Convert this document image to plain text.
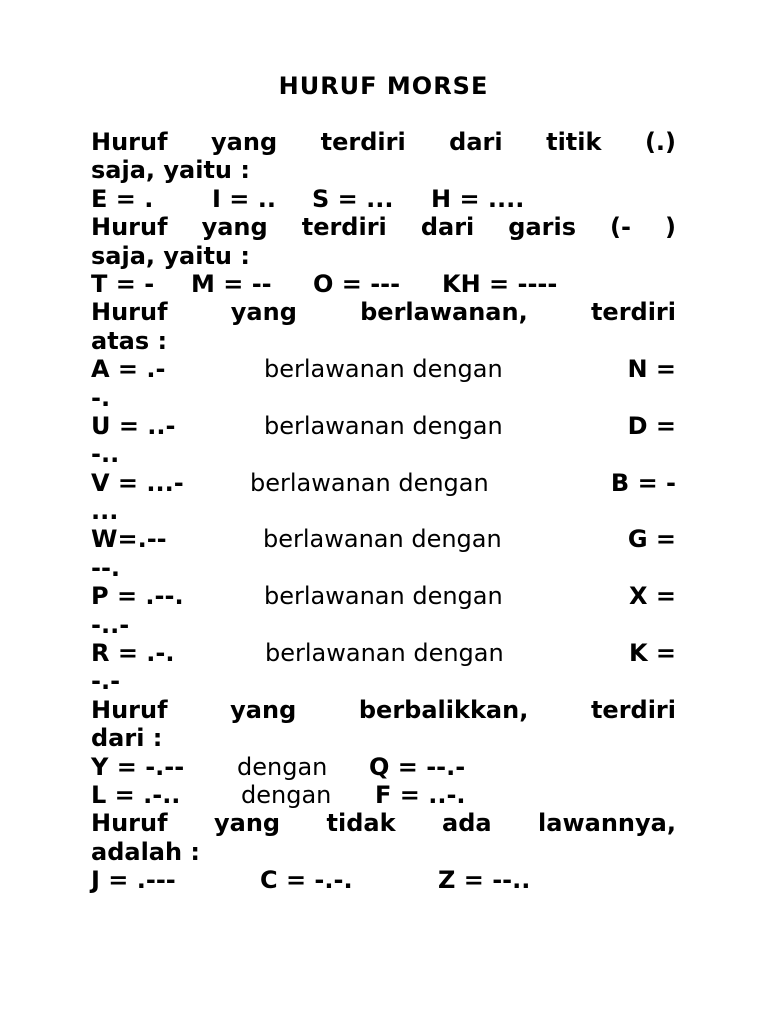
HURUF MORSE
Huruf yang terdiri dari titik (.)
saja, yaitu :
E = . I = .. S = ... H = ....
Huruf yang terdiri dari garis (- )
saja, yaitu :
T = - M = -- O = --- KH = ----
Huruf	yang	berlawanan,	terdiri
atas :
A = .-	berlawanan dengan	N =
-.
U = ..-	berlawanan dengan	D =
-..
V = ...-	berlawanan dengan	B = -
...
W=.--	berlawanan dengan	G =
--.
P = .--.	berlawanan dengan	X =
-..-
R = .-.	berlawanan dengan	K =
-.-
Huruf	yang	berbalikkan,	terdiri
dari :
Y = -.-- dengan Q = --.-
L = .-..	dengan F = ..-.
Huruf yang tidak ada lawannya,
adalah :
J = .---	C = -.-.	Z = --..
